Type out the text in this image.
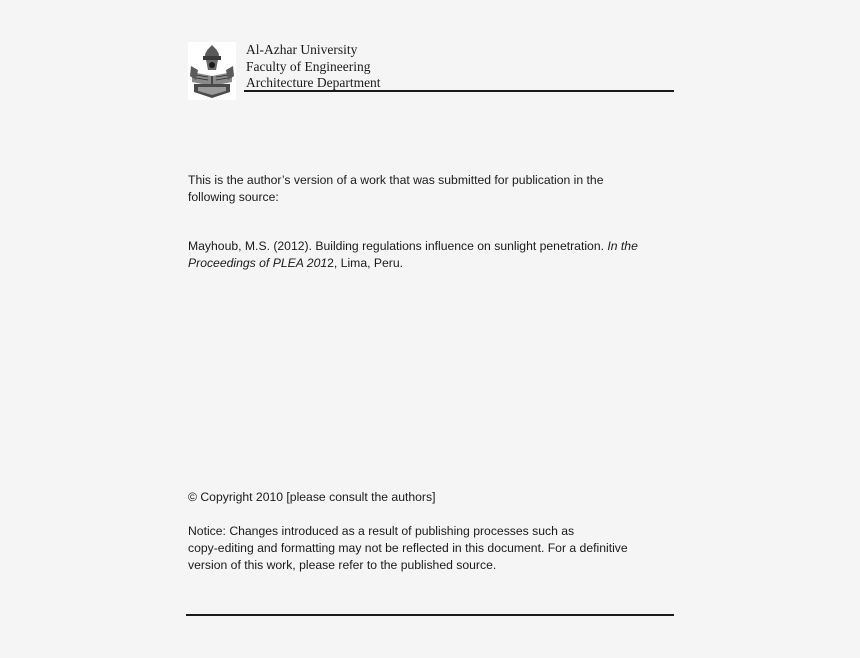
Al-Azhar University
Faculty of Engineering
Architecture Department
This is the author’s version of a work that was submitted for publication in the
following source:
Mayhoub, M.S. (2012). Building regulations influence on sunlight penetration. In the
Proceedings of PLEA 2012, Lima, Peru.
© Copyright 2010 [please consult the authors]
Notice: Changes introduced as a result of publishing processes such as
copy-editing and formatting may not be reflected in this document. For a definitive
version of this work, please refer to the published source.
